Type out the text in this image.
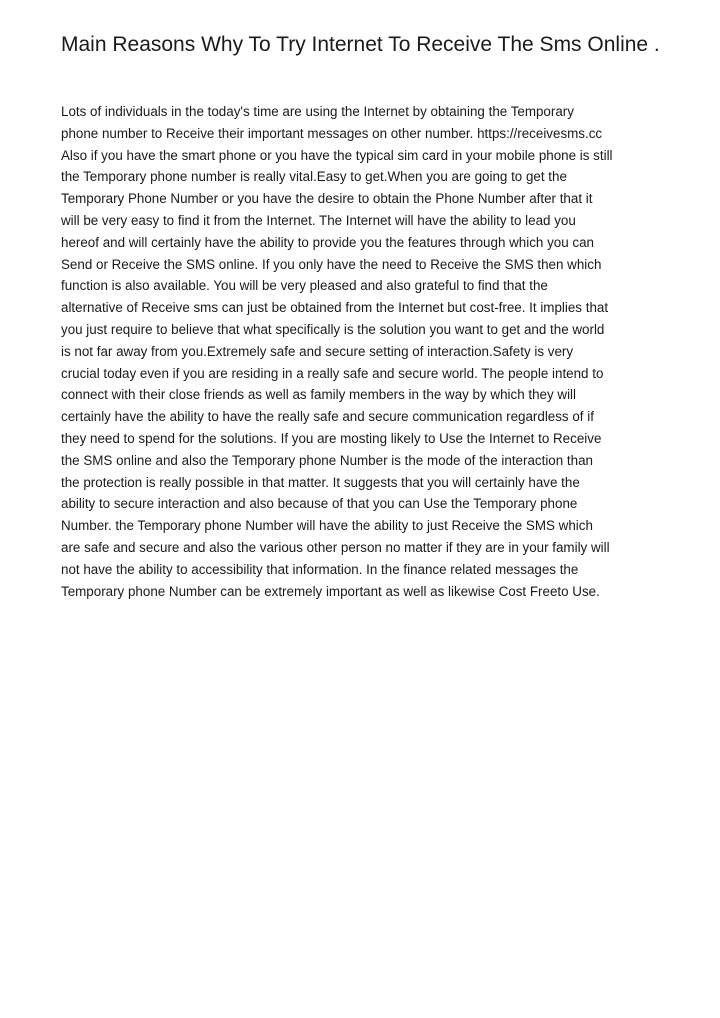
Main Reasons Why To Try Internet To Receive The Sms Online .
Lots of individuals in the today's time are using the Internet by obtaining the Temporary
phone number to Receive their important messages on other number. https://receivesms.cc
Also if you have the smart phone or you have the typical sim card in your mobile phone is still
the Temporary phone number is really vital.Easy to get.When you are going to get the
Temporary Phone Number or you have the desire to obtain the Phone Number after that it
will be very easy to find it from the Internet. The Internet will have the ability to lead you
hereof and will certainly have the ability to provide you the features through which you can
Send or Receive the SMS online. If you only have the need to Receive the SMS then which
function is also available. You will be very pleased and also grateful to find that the
alternative of Receive sms can just be obtained from the Internet but cost-free. It implies that
you just require to believe that what specifically is the solution you want to get and the world
is not far away from you.Extremely safe and secure setting of interaction.Safety is very
crucial today even if you are residing in a really safe and secure world. The people intend to
connect with their close friends as well as family members in the way by which they will
certainly have the ability to have the really safe and secure communication regardless of if
they need to spend for the solutions. If you are mosting likely to Use the Internet to Receive
the SMS online and also the Temporary phone Number is the mode of the interaction than
the protection is really possible in that matter. It suggests that you will certainly have the
ability to secure interaction and also because of that you can Use the Temporary phone
Number. the Temporary phone Number will have the ability to just Receive the SMS which
are safe and secure and also the various other person no matter if they are in your family will
not have the ability to accessibility that information. In the finance related messages the
Temporary phone Number can be extremely important as well as likewise Cost Freeto Use.
